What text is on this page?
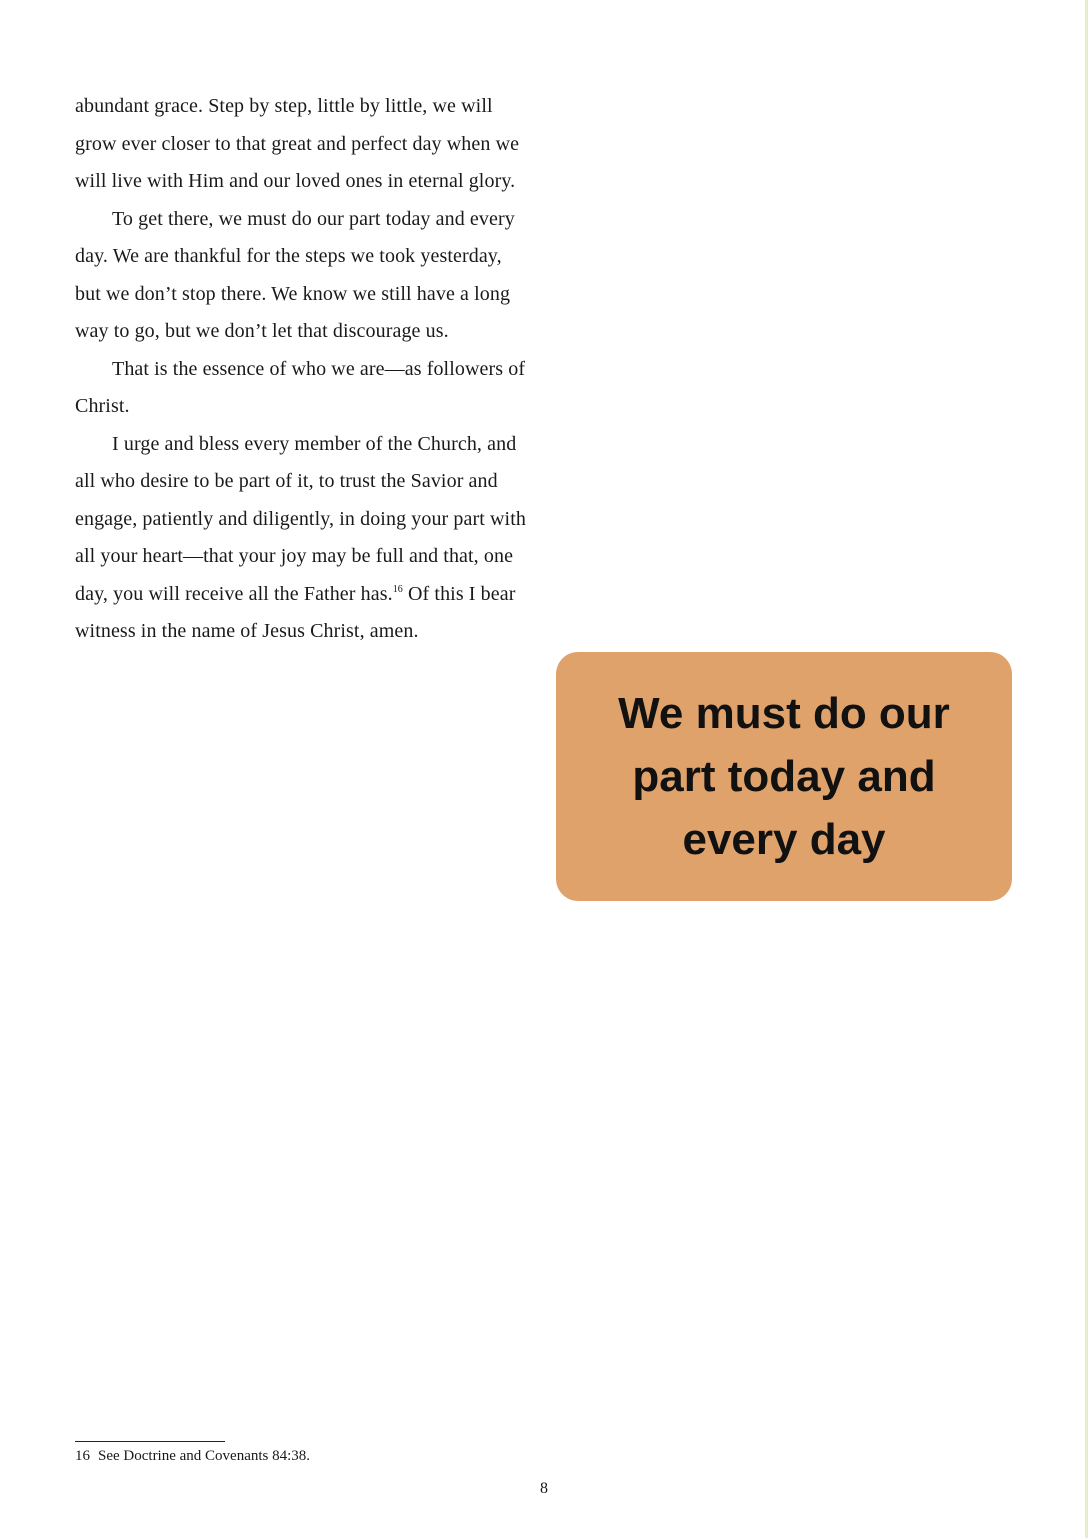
abundant grace. Step by step, little by little, we will grow ever closer to that great and perfect day when we will live with Him and our loved ones in eternal glory.

To get there, we must do our part today and every day. We are thankful for the steps we took yesterday, but we don’t stop there. We know we still have a long way to go, but we don’t let that discourage us.

That is the essence of who we are—as followers of Christ.

I urge and bless every member of the Church, and all who desire to be part of it, to trust the Savior and engage, patiently and diligently, in doing your part with all your heart—that your joy may be full and that, one day, you will receive all the Father has.$^{16}$ Of this I bear witness in the name of Jesus Christ, amen.

We must do our part today and every day

16 See Doctrine and Covenants 84:38.
8
